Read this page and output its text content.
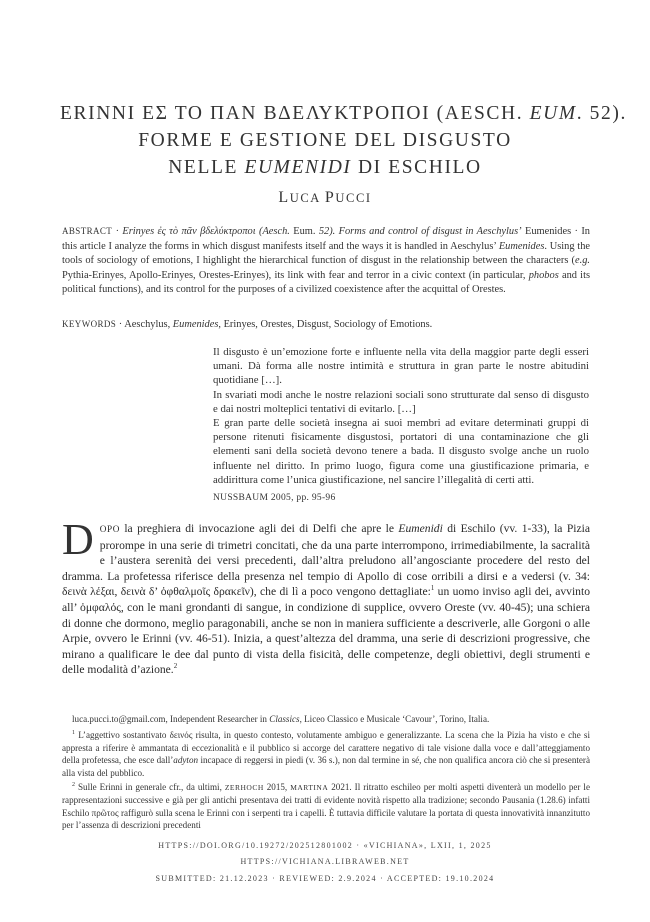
ERINNI ΕΣ ΤΟ ΠΑΝ ΒΔΕΛΥΚΤΡΟΠΟΙ (AESCH. EUM. 52).
FORME E GESTIONE DEL DISGUSTO
NELLE EUMENIDI DI ESCHILO
LUCA PUCCI
ABSTRACT · Erinyes ἐς τὸ πᾶν βδελύκτροποι (Aesch. Eum. 52). Forms and control of disgust in Aeschylus’ Eumenides · In this article I analyze the forms in which disgust manifests itself and the ways it is handled in Aeschylus’ Eumenides. Using the tools of sociology of emotions, I highlight the hierarchical function of disgust in the relationship between the characters (e.g. Pythia-Erinyes, Apollo-Erinyes, Orestes-Erinyes), its link with fear and terror in a civic context (in particular, phobos and its political functions), and its control for the purposes of a civilized coexistence after the acquittal of Orestes.
KEYWORDS · Aeschylus, Eumenides, Erinyes, Orestes, Disgust, Sociology of Emotions.

Il disgusto è un’emozione forte e influente nella vita della maggior parte degli esseri umani. Dà forma alle nostre intimità e struttura in gran parte le nostre abitudini quotidiane […].

In svariati modi anche le nostre relazioni sociali sono strutturate dal senso di disgusto e dai nostri molteplici tentativi di evitarlo. […]

E gran parte delle società insegna ai suoi membri ad evitare determinati gruppi di persone ritenuti fisicamente disgustosi, portatori di una contaminazione che gli elementi sani della società devono tenere a bada. Il disgusto svolge anche un ruolo influente nel diritto. In primo luogo, figura come una giustificazione primaria, e addirittura come l’unica giustificazione, nel sancire l’illegalità di certi atti.

NUSSBAUM 2005, pp. 95-96

DOPO la preghiera di invocazione agli dei di Delfi che apre le Eumenidi di Eschilo (vv. 1-33), la Pizia prorompe in una serie di trimetri concitati, che da una parte interrompono, irrimediabilmente, la sacralità e l’austera serenità dei versi precedenti, dall’altra preludono all’angosciante procedere del resto del dramma. La profetessa riferisce della presenza nel tempio di Apollo di cose orribili a dirsi e a vedersi (v. 34: δεινὰ λέξαι, δεινὰ δ’ ὀφθαλμοῖς δρακεῖν), che di lì a poco vengono dettagliate:$^1$ un uomo inviso agli dei, avvinto all’ ὀμφαλός, con le mani grondanti di sangue, in condizione di supplice, ovvero Oreste (vv. 40-45); una schiera di donne che dormono, meglio paragonabili, anche se non in maniera sufficiente a descriverle, alle Gorgoni o alle Arpie, ovvero le Erinni (vv. 46-51). Inizia, a quest’altezza del dramma, una serie di descrizioni progressive, che mirano a qualificare le dee dal punto di vista della fisicità, delle competenze, degli obiettivi, degli strumenti e delle modalità d’azione.$^2$

luca.pucci.to@gmail.com, Independent Researcher in Classics, Liceo Classico e Musicale ‘Cavour’, Torino, Italia.

$^1$ L’aggettivo sostantivato δεινός risulta, in questo contesto, volutamente ambiguo e generalizzante. La scena che la Pizia ha visto e che si appresta a riferire è ammantata di eccezionalità e il pubblico si accorge del carattere negativo di tale visione dalla voce e dall’atteggiamento della profetessa, che esce dall’adyton incapace di reggersi in piedi (v. 36 s.), non dal termine in sé, che non qualifica ancora ciò che si presenterà alla vista del pubblico.

$^2$ Sulle Erinni in generale cfr., da ultimi, ZERHOCH 2015, MARTINA 2021. Il ritratto eschileo per molti aspetti diventerà un modello per le rappresentazioni successive e già per gli antichi presentava dei tratti di evidente novità rispetto alla tradizione; secondo Pausania (1.28.6) infatti Eschilo πρῶτος raffigurò sulla scena le Erinni con i serpenti tra i capelli. È tuttavia difficile valutare la portata di questa innovatività innanzitutto per l’assenza di descrizioni precedenti

HTTPS://DOI.ORG/10.19272/202512801002 · «VICHIANA», LXII, 1, 2025
HTTPS://VICHIANA.LIBRAWEB.NET
SUBMITTED: 21.12.2023 · REVIEWED: 2.9.2024 · ACCEPTED: 19.10.2024
